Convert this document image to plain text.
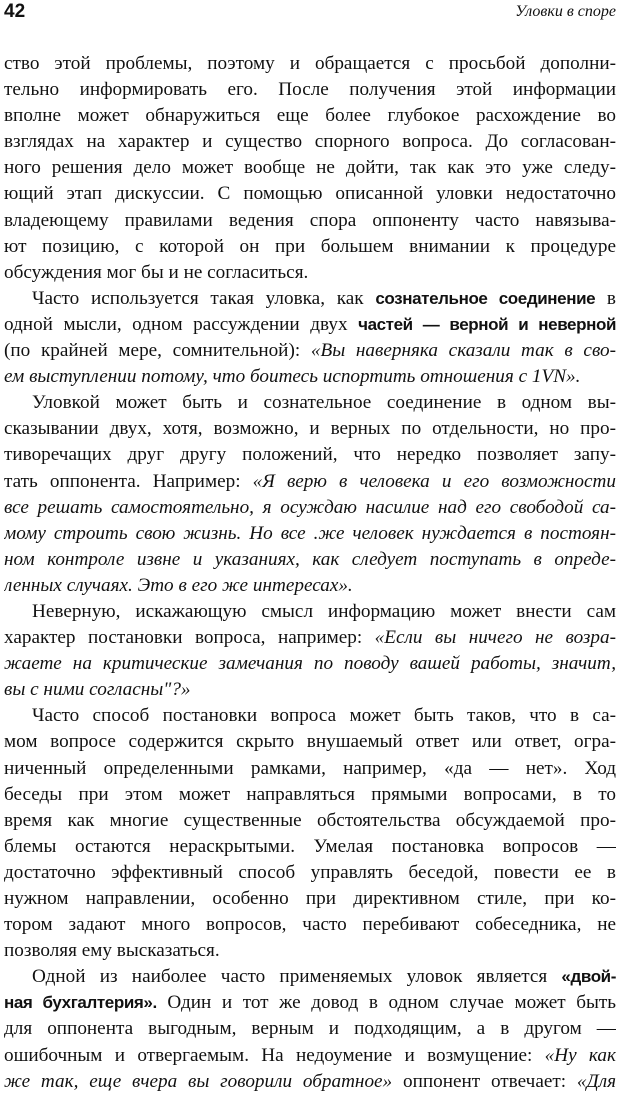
42	Уловки в споре
ство этой проблемы, поэтому и обращается с просьбой дополни-
тельно информировать его. После получения этой информации
вполне может обнаружиться еще более глубокое расхождение во
взглядах на характер и существо спорного вопроса. До согласован-
ного решения дело может вообще не дойти, так как это уже следу-
ющий этап дискуссии. С помощью описанной уловки недостаточно
владеющему правилами ведения спора оппоненту часто навязыва-
ют позицию, с которой он при большем внимании к процедуре
обсуждения мог бы и не согласиться.
Часто используется такая уловка, как сознательное соединение в
одной мысли, одном рассуждении двух частей — верной и неверной
(по крайней мере, сомнительной): «Вы наверняка сказали так в сво-
ем выступлении потому, что боитесь испортить отношения с 1VN».
Уловкой может быть и сознательное соединение в одном вы-
сказывании двух, хотя, возможно, и верных по отдельности, но про-
тиворечащих друг другу положений, что нередко позволяет запу-
тать оппонента. Например: «Я верю в человека и его возможности
все решать самостоятельно, я осуждаю насилие над его свободой са-
мому строить свою жизнь. Но все .же человек нуждается в постоян-
ном контроле извне и указаниях, как следует поступать в опреде-
ленных случаях. Это в его же интересах».
Неверную, искажающую смысл информацию может внести сам
характер постановки вопроса, например: «Если вы ничего не возра-
жаете на критические замечания по поводу вашей работы, значит,
вы с ними согласны"?»
Часто способ постановки вопроса может быть таков, что в са-
мом вопросе содержится скрыто внушаемый ответ или ответ, огра-
ниченный определенными рамками, например, «да — нет». Ход
беседы при этом может направляться прямыми вопросами, в то
время как многие существенные обстоятельства обсуждаемой про-
блемы остаются нераскрытыми. Умелая постановка вопросов —
достаточно эффективный способ управлять беседой, повести ее в
нужном направлении, особенно при директивном стиле, при ко-
тором задают много вопросов, часто перебивают собеседника, не
позволяя ему высказаться.
Одной из наиболее часто применяемых уловок является «двой-
ная бухгалтерия». Один и тот же довод в одном случае может быть
для оппонента выгодным, верным и подходящим, а в другом —
ошибочным и отвергаемым. На недоумение и возмущение: «Ну как
же так, еще вчера вы говорили обратное» оппонент отвечает: «Для
